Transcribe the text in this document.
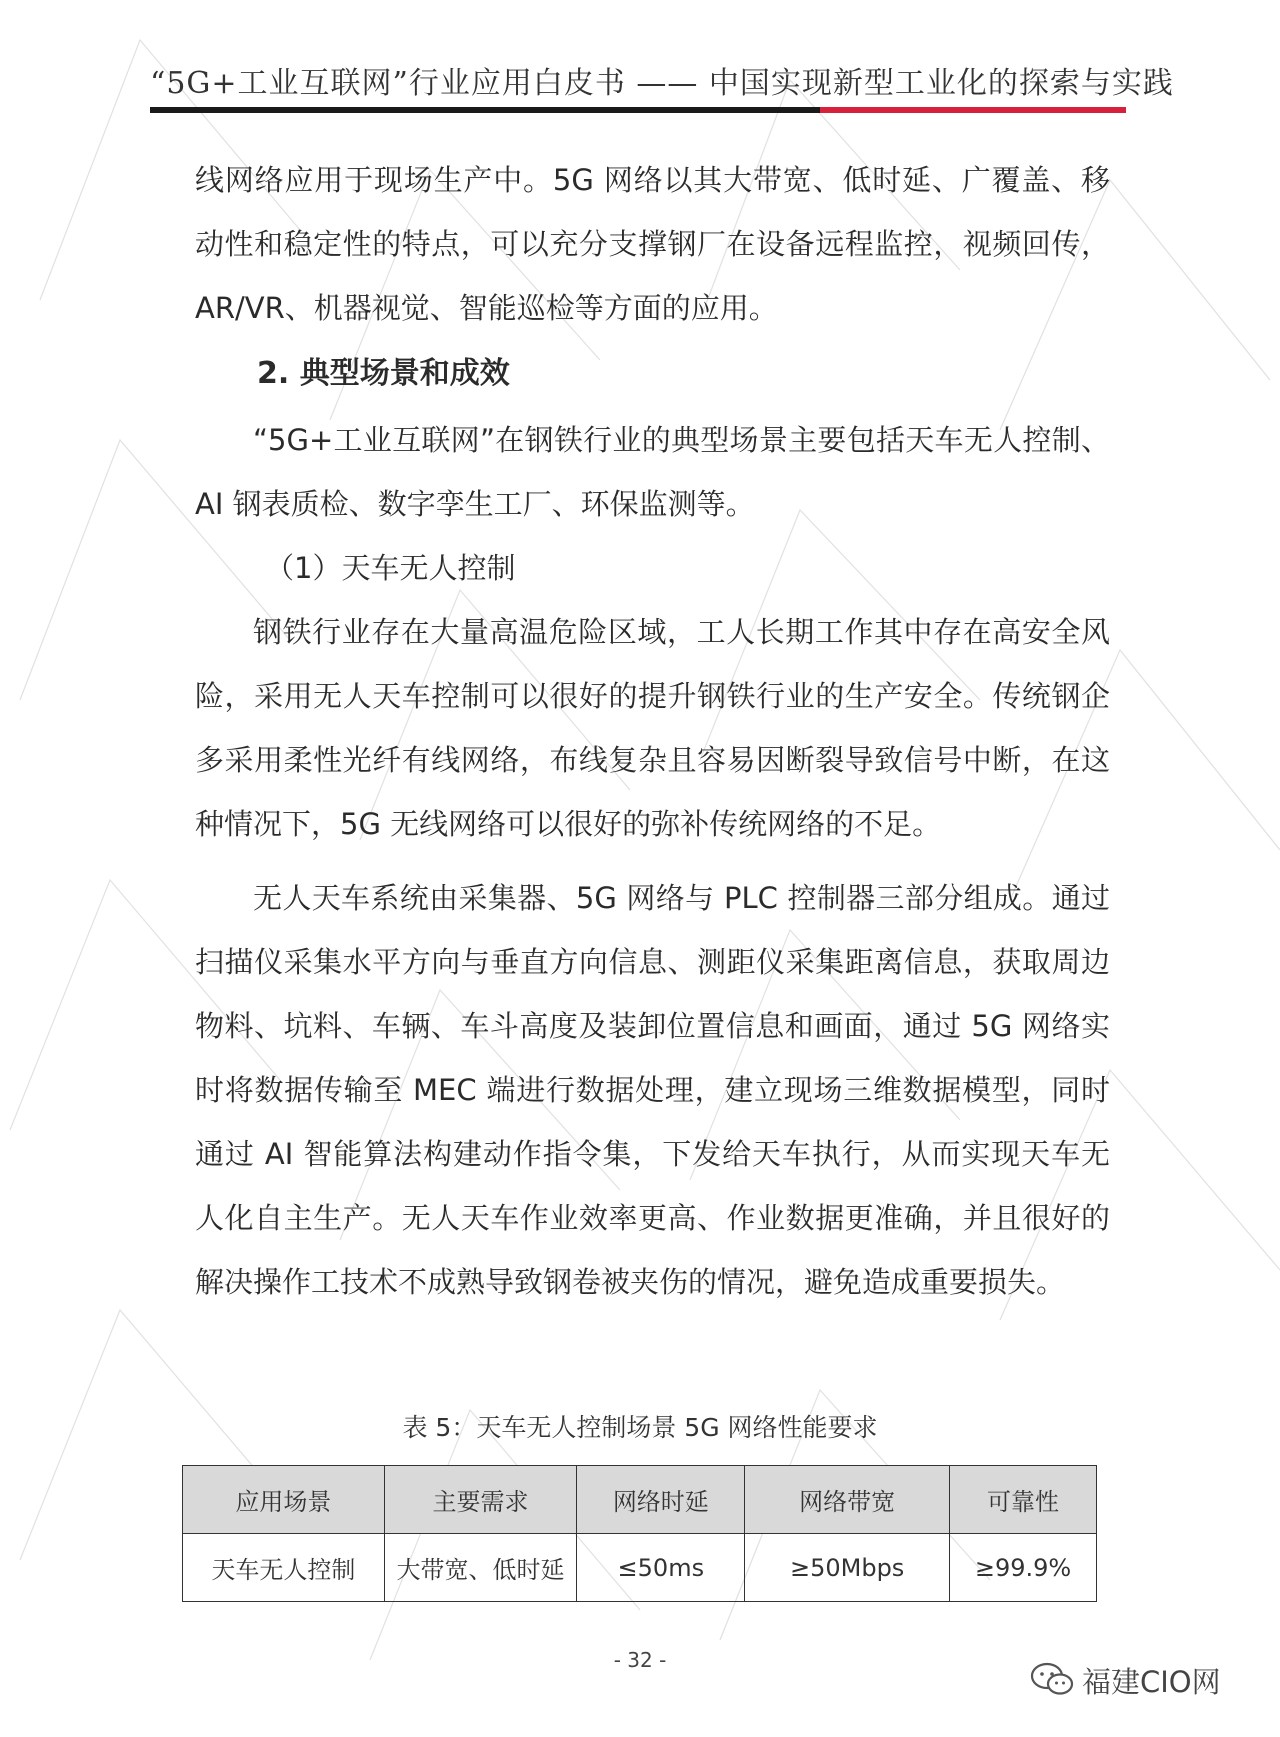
“5G+工业互联网”行业应用白皮书 —— 中国实现新型工业化的探索与实践

线网络应用于现场生产中。5G 网络以其大带宽、低时延、广覆盖、移动性和稳定性的特点，可以充分支撑钢厂在设备远程监控，视频回传，AR/VR、机器视觉、智能巡检等方面的应用。

2. 典型场景和成效

“5G+工业互联网”在钢铁行业的典型场景主要包括天车无人控制、AI 钢表质检、数字孪生工厂、环保监测等。

（1）天车无人控制

钢铁行业存在大量高温危险区域，工人长期工作其中存在高安全风险，采用无人天车控制可以很好的提升钢铁行业的生产安全。传统钢企多采用柔性光纤有线网络，布线复杂且容易因断裂导致信号中断，在这种情况下，5G 无线网络可以很好的弥补传统网络的不足。

无人天车系统由采集器、5G 网络与 PLC 控制器三部分组成。通过扫描仪采集水平方向与垂直方向信息、测距仪采集距离信息，获取周边物料、坑料、车辆、车斗高度及装卸位置信息和画面，通过 5G 网络实时将数据传输至 MEC 端进行数据处理，建立现场三维数据模型，同时通过 AI 智能算法构建动作指令集，下发给天车执行，从而实现天车无人化自主生产。无人天车作业效率更高、作业数据更准确，并且很好的解决操作工技术不成熟导致钢卷被夹伤的情况，避免造成重要损失。

表 5：天车无人控制场景 5G 网络性能要求
应用场景	主要需求	网络时延	网络带宽	可靠性
天车无人控制	大带宽、低时延	≤50ms	≥50Mbps	≥99.9%
- 32 -
福建CIO网
